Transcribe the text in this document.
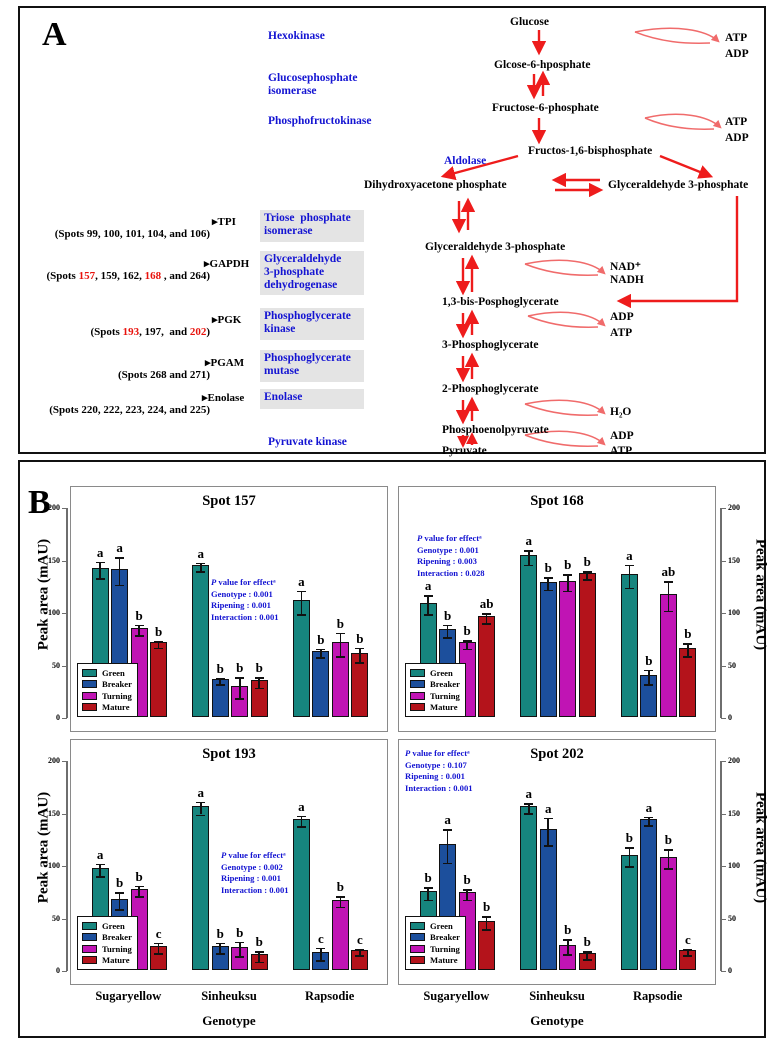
A	Hexokinase
Glucosephosphate
isomerase
Phosphofructokinase
Aldolase
Pyruvate kinase
Glucose
Glcose-6-hposphate
Fructose-6-phosphate
Fructos-1,6-bisphosphate
Dihydroxyacetone phosphate	Glyceraldehyde 3-phosphate
Glyceraldehyde 3-phosphate
1,3-bis-Posphoglycerate
3-Phosphoglycerate
2-Phosphoglycerate
Phosphoenolpyruvate
Pyruvate
ATP
ADP
ATP
ADP
NAD⁺
NADH
ADP
ATP
H₂O
ADP
ATP
(Spots 99, 100, 101, 104, and 106)
▸TPI	Triose  phosphate
isomerase
(Spots 157, 159, 162, 168 , and 264)
▸GAPDH	Glyceraldehyde
3-phosphate
dehydrogenase
(Spots 193, 197,  and 202)
▸PGK	Phosphoglycerate
kinase
(Spots 268 and 271)
▸PGAM	Phosphoglycerate
mutase
(Spots 220, 222, 223, 224, and 225)
▸Enolase	Enolase
B
Peak area (mAU)
Peak area (mAU)
Peak area (mAU)
Peak area (mAU)
Spot 157
a	a
b
b
a
b b b
a
b
b
b
P value for effectᵃ
Genotype : 0.001
Ripening : 0.001
Interaction : 0.001
Green
Breaker
Turning
Mature
Spot 168
a
b
b
ab
a
b b b	a
b
ab
b
P value for effectᵃ
Genotype : 0.001
Ripening : 0.003
Interaction : 0.028
Green
Breaker
Turning
Mature
Spot 193
a
b b
c
a
b b
b
a
c
b
c
P value for effectᵃ
Genotype : 0.002
Ripening : 0.001
Interaction : 0.001
Green
Breaker
Turning
Mature
Spot 202
b
a
b
b
a
a
b
b
b
a
b
c
P value for effectᵃ
Genotype : 0.107
Ripening : 0.001
Interaction : 0.001
Green
Breaker
Turning
Mature
0
50
100
150
200
0
50
100
150
200
0
50
100
150
200
0
50
100
150
200
Sugaryellow	Sinheuksu	Rapsodie
Genotype
Sugaryellow	Sinheuksu	Rapsodie
Genotype
